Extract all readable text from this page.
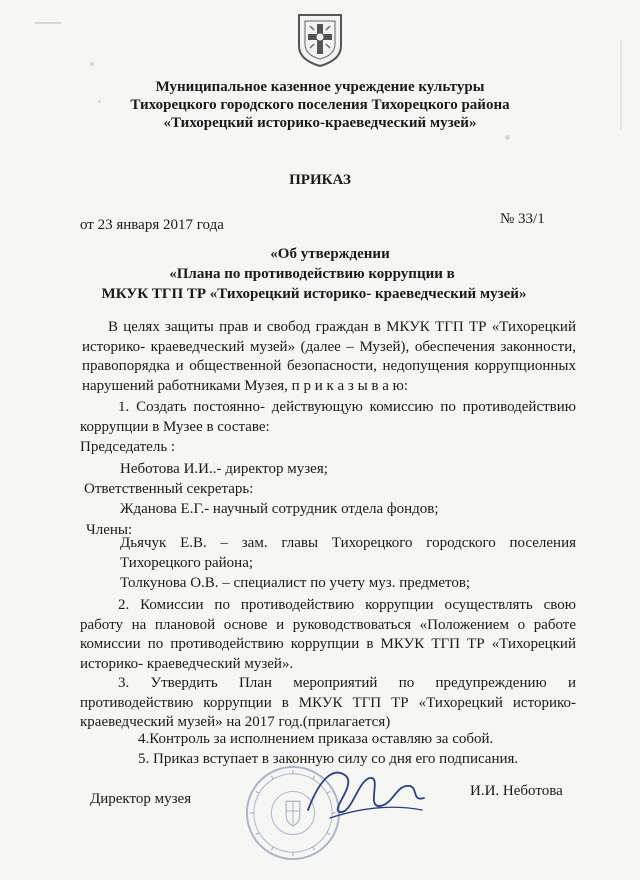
Муниципальное казенное учреждение культуры
Тихорецкого городского поселения Тихорецкого района
«Тихорецкий историко-краеведческий музей»
ПРИКАЗ
от 23 января 2017 года	№ 33/1
«Об утверждении
«Плана по противодействию коррупции в
МКУК ТГП ТР «Тихорецкий историко- краеведческий музей»
В целях защиты прав и свобод граждан в МКУК ТГП ТР «Тихорецкий историко- краеведческий музей» (далее – Музей), обеспечения законности, правопорядка и общественной безопасности, недопущения коррупционных нарушений работниками Музея, п р и к а з ы в а ю:
1. Создать постоянно- действующую комиссию по противодействию коррупции в Музее в составе:
Председатель :
Неботова И.И..- директор музея;
Ответственный секретарь:
Жданова Е.Г.- научный сотрудник отдела фондов;
Члены:
Дьячук Е.В. – зам. главы Тихорецкого городского поселения Тихорецкого района;
Толкунова О.В. – специалист по учету муз. предметов;
2. Комиссии по противодействию коррупции осуществлять свою работу на плановой основе и руководствоваться «Положением о работе комиссии по противодействию коррупции в МКУК ТГП ТР «Тихорецкий историко- краеведческий музей».
3. Утвердить План мероприятий по предупреждению и противодействию коррупции в МКУК ТГП ТР «Тихорецкий историко- краеведческий музей» на 2017 год.(прилагается)
4.Контроль за исполнением приказа оставляю за собой.
5. Приказ вступает в законную силу со дня его подписания.
Директор музея	И.И. Неботова
